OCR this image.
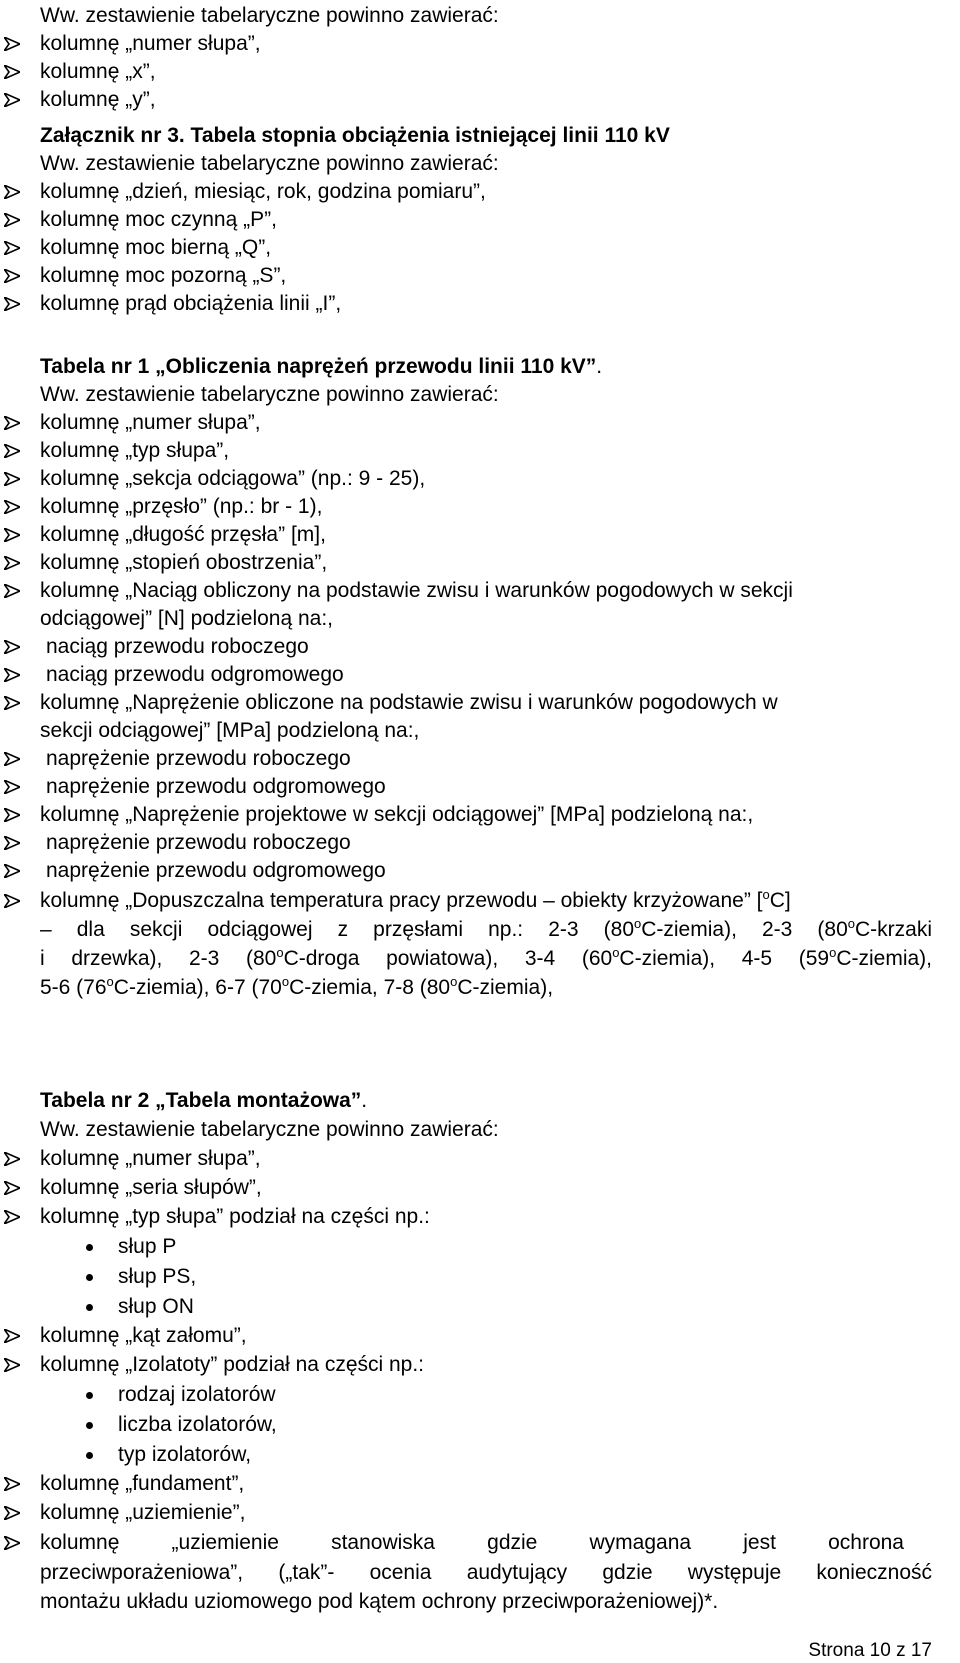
Ww. zestawienie tabelaryczne powinno zawierać:
kolumnę „numer słupa”,
kolumnę „x”,
kolumnę „y”,
Załącznik nr 3. Tabela stopnia obciążenia istniejącej linii 110 kV
Ww. zestawienie tabelaryczne powinno zawierać:
kolumnę „dzień, miesiąc, rok, godzina pomiaru”,
kolumnę moc czynną „P”,
kolumnę moc bierną „Q”,
kolumnę moc pozorną „S”,
kolumnę prąd obciążenia linii „I”,
Tabela nr 1 „Obliczenia naprężeń przewodu linii 110 kV”.
Ww. zestawienie tabelaryczne powinno zawierać:
kolumnę „numer słupa”,
kolumnę „typ słupa”,
kolumnę „sekcja odciągowa” (np.: 9 - 25),
kolumnę „przęsło” (np.: br - 1),
kolumnę „długość przęsła” [m],
kolumnę „stopień obostrzenia”,
kolumnę „Naciąg obliczony na podstawie zwisu i warunków pogodowych w sekcji
odciągowej” [N] podzieloną na:,
naciąg przewodu roboczego
naciąg przewodu odgromowego
kolumnę „Naprężenie obliczone na podstawie zwisu i warunków pogodowych w
sekcji odciągowej” [MPa] podzieloną na:,
naprężenie przewodu roboczego
naprężenie przewodu odgromowego
kolumnę „Naprężenie projektowe w sekcji odciągowej” [MPa] podzieloną na:,
naprężenie przewodu roboczego
naprężenie przewodu odgromowego
kolumnę „Dopuszczalna temperatura pracy przewodu – obiekty krzyżowane” [$^o$C]
– dla sekcji odciągowej z przęsłami np.: 2-3 (80$^o$C-ziemia), 2-3 (80$^o$C-krzaki
i drzewka), 2-3 (80$^o$C-droga powiatowa), 3-4 (60$^o$C-ziemia), 4-5 (59$^o$C-ziemia),
5-6 (76$^o$C-ziemia), 6-7 (70$^o$C-ziemia, 7-8 (80$^o$C-ziemia),
Tabela nr 2 „Tabela montażowa”.
Ww. zestawienie tabelaryczne powinno zawierać:
kolumnę „numer słupa”,
kolumnę „seria słupów”,
kolumnę „typ słupa” podział na części np.:
słup P
słup PS,
słup ON
kolumnę „kąt załomu”,
kolumnę „Izolatoty” podział na części np.:
rodzaj izolatorów
liczba izolatorów,
typ izolatorów,
kolumnę „fundament”,
kolumnę „uziemienie”,
kolumnę „uziemienie stanowiska gdzie wymagana jest ochrona
przeciwporażeniowa”, („tak”- ocenia audytujący gdzie występuje konieczność
montażu układu uziomowego pod kątem ochrony przeciwporażeniowej)*.
Strona 10 z 17
